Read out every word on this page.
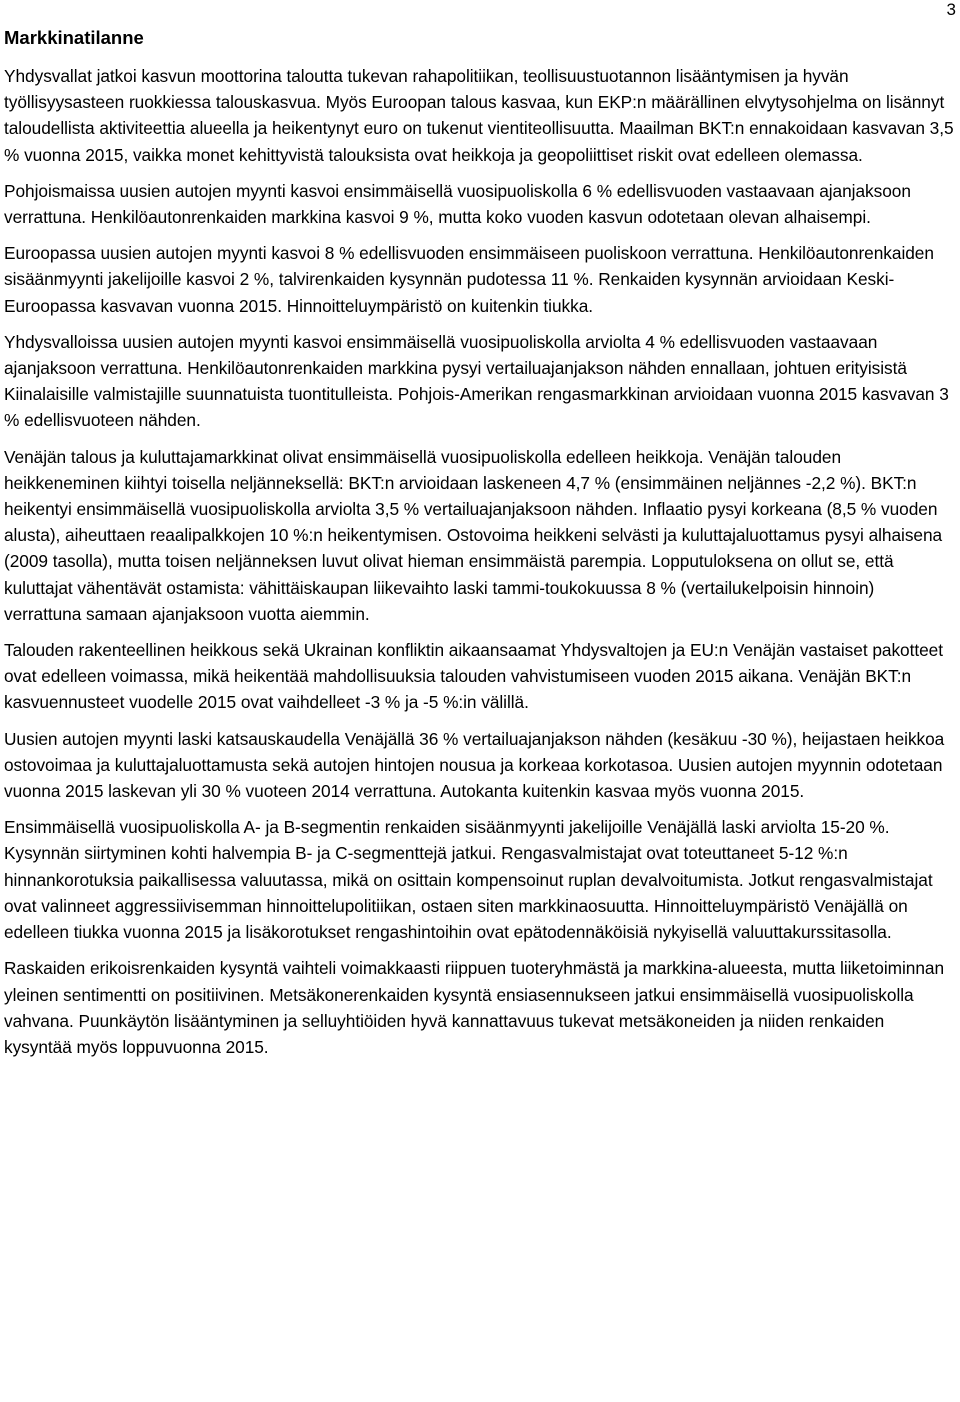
3
Markkinatilanne

Yhdysvallat jatkoi kasvun moottorina taloutta tukevan rahapolitiikan, teollisuustuotannon lisääntymisen ja hyvän työllisyysasteen ruokkiessa talouskasvua. Myös Euroopan talous kasvaa, kun EKP:n määrällinen elvytysohjelma on lisännyt taloudellista aktiviteettia alueella ja heikentynyt euro on tukenut vientiteollisuutta. Maailman BKT:n ennakoidaan kasvavan 3,5 % vuonna 2015, vaikka monet kehittyvistä talouksista ovat heikkoja ja geopoliittiset riskit ovat edelleen olemassa.

Pohjoismaissa uusien autojen myynti kasvoi ensimmäisellä vuosipuoliskolla 6 % edellisvuoden vastaavaan ajanjaksoon verrattuna. Henkilöautonrenkaiden markkina kasvoi 9 %, mutta koko vuoden kasvun odotetaan olevan alhaisempi.

Euroopassa uusien autojen myynti kasvoi 8 % edellisvuoden ensimmäiseen puoliskoon verrattuna. Henkilöautonrenkaiden sisäänmyynti jakelijoille kasvoi 2 %, talvirenkaiden kysynnän pudotessa 11 %. Renkaiden kysynnän arvioidaan Keski-Euroopassa kasvavan vuonna 2015. Hinnoitteluympäristö on kuitenkin tiukka.

Yhdysvalloissa uusien autojen myynti kasvoi ensimmäisellä vuosipuoliskolla arviolta 4 % edellisvuoden vastaavaan ajanjaksoon verrattuna. Henkilöautonrenkaiden markkina pysyi vertailuajanjakson nähden ennallaan, johtuen erityisistä Kiinalaisille valmistajille suunnatuista tuontitulleista. Pohjois-Amerikan rengasmarkkinan arvioidaan vuonna 2015 kasvavan 3 % edellisvuoteen nähden.

Venäjän talous ja kuluttajamarkkinat olivat ensimmäisellä vuosipuoliskolla edelleen heikkoja. Venäjän talouden heikkeneminen kiihtyi toisella neljänneksellä: BKT:n arvioidaan laskeneen 4,7 % (ensimmäinen neljännes -2,2 %). BKT:n heikentyi ensimmäisellä vuosipuoliskolla arviolta 3,5 % vertailuajanjaksoon nähden. Inflaatio pysyi korkeana (8,5 % vuoden alusta), aiheuttaen reaalipalkkojen 10 %:n heikentymisen. Ostovoima heikkeni selvästi ja kuluttajaluottamus pysyi alhaisena (2009 tasolla), mutta toisen neljänneksen luvut olivat hieman ensimmäistä parempia. Lopputuloksena on ollut se, että kuluttajat vähentävät ostamista: vähittäiskaupan liikevaihto laski tammi-toukokuussa 8 % (vertailukelpoisin hinnoin) verrattuna samaan ajanjaksoon vuotta aiemmin.

Talouden rakenteellinen heikkous sekä Ukrainan konfliktin aikaansaamat Yhdysvaltojen ja EU:n Venäjän vastaiset pakotteet ovat edelleen voimassa, mikä heikentää mahdollisuuksia talouden vahvistumiseen vuoden 2015 aikana. Venäjän BKT:n kasvuennusteet vuodelle 2015 ovat vaihdelleet -3 % ja -5 %:in välillä.

Uusien autojen myynti laski katsauskaudella Venäjällä 36 % vertailuajanjakson nähden (kesäkuu -30 %), heijastaen heikkoa ostovoimaa ja kuluttajaluottamusta sekä autojen hintojen nousua ja korkeaa korkotasoa. Uusien autojen myynnin odotetaan vuonna 2015 laskevan yli 30 % vuoteen 2014 verrattuna. Autokanta kuitenkin kasvaa myös vuonna 2015.

Ensimmäisellä vuosipuoliskolla A- ja B-segmentin renkaiden sisäänmyynti jakelijoille Venäjällä laski arviolta 15-20 %. Kysynnän siirtyminen kohti halvempia B- ja C-segmenttejä jatkui. Rengasvalmistajat ovat toteuttaneet 5-12 %:n hinnankorotuksia paikallisessa valuutassa, mikä on osittain kompensoinut ruplan devalvoitumista. Jotkut rengasvalmistajat ovat valinneet aggressiivisemman hinnoittelupolitiikan, ostaen siten markkinaosuutta. Hinnoitteluympäristö Venäjällä on edelleen tiukka vuonna 2015 ja lisäkorotukset rengashintoihin ovat epätodennäköisiä nykyisellä valuuttakurssitasolla.

Raskaiden erikoisrenkaiden kysyntä vaihteli voimakkaasti riippuen tuoteryhmästä ja markkina-alueesta, mutta liiketoiminnan yleinen sentimentti on positiivinen. Metsäkonerenkaiden kysyntä ensiasennukseen jatkui ensimmäisellä vuosipuoliskolla vahvana. Puunkäytön lisääntyminen ja selluyhtiöiden hyvä kannattavuus tukevat metsäkoneiden ja niiden renkaiden kysyntää myös loppuvuonna 2015.
